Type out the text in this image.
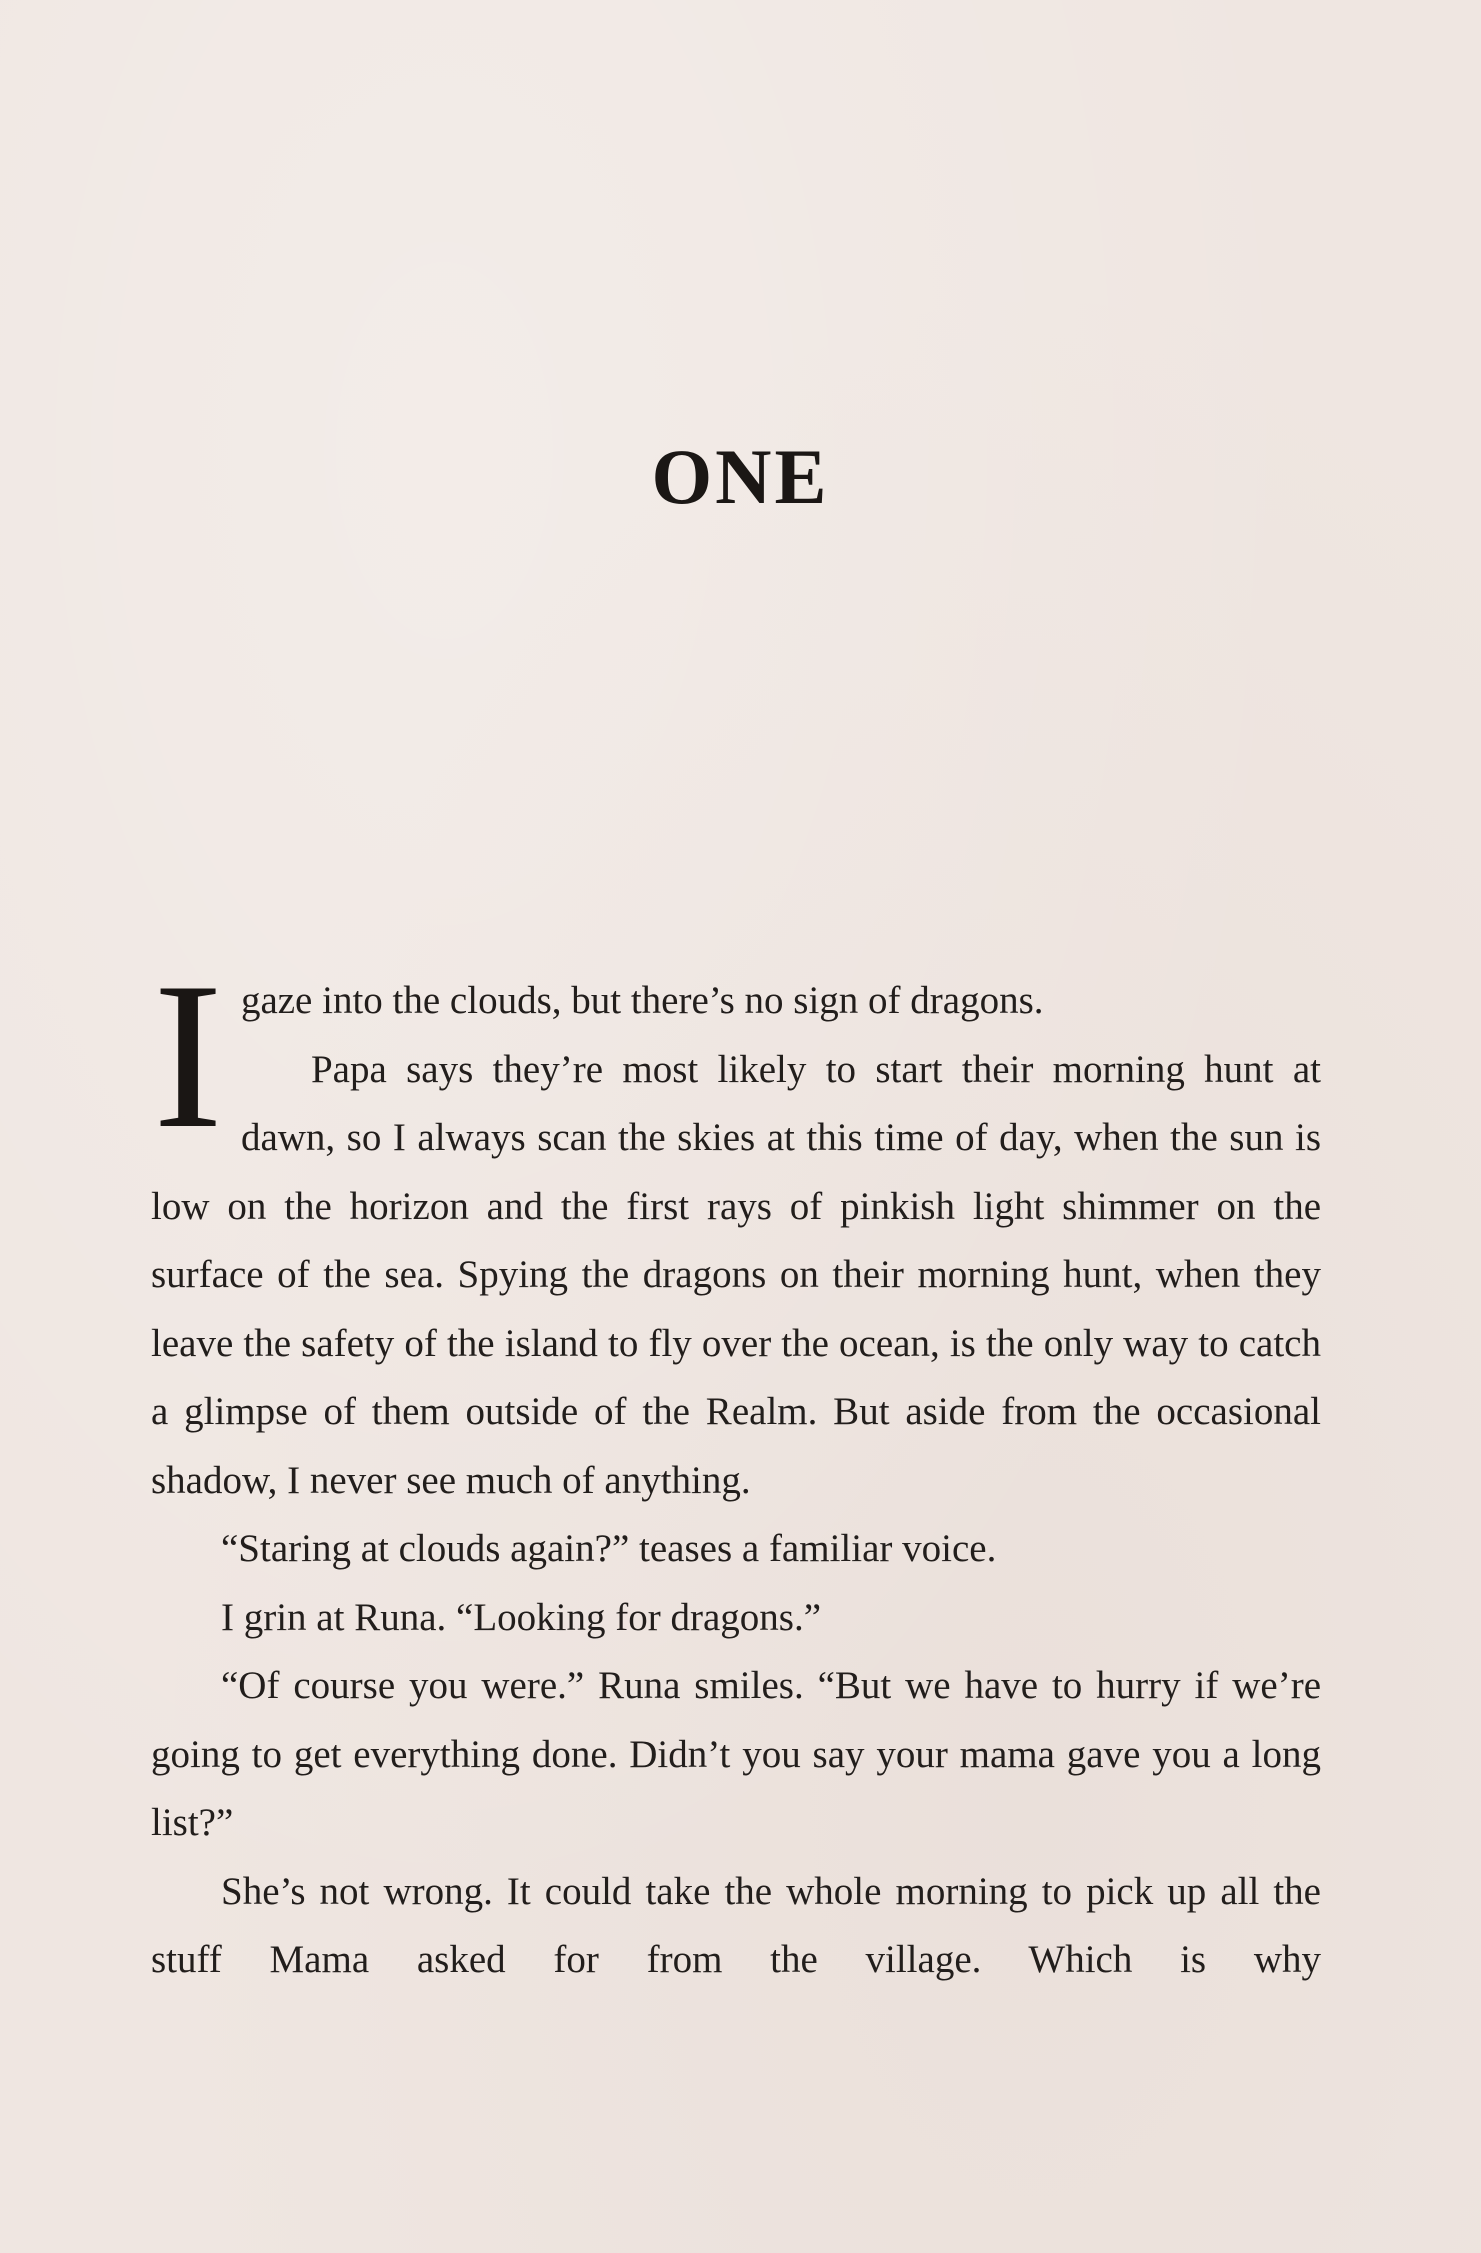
ONE

Igaze into the clouds, but there’s no sign of dragons.

Papa says they’re most likely to start their morning hunt at dawn, so I always scan the skies at this time of day, when the sun is low on the horizon and the first rays of pinkish light shimmer on the surface of the sea. Spying the dragons on their morning hunt, when they leave the safety of the island to fly over the ocean, is the only way to catch a glimpse of them outside of the Realm. But aside from the occasional shadow, I never see much of anything.

“Staring at clouds again?” teases a familiar voice.

I grin at Runa. “Looking for dragons.”

“Of course you were.” Runa smiles. “But we have to hurry if we’re going to get everything done. Didn’t you say your mama gave you a long list?”

She’s not wrong. It could take the whole morning to pick up all the stuff Mama asked for from the village. Which is why
